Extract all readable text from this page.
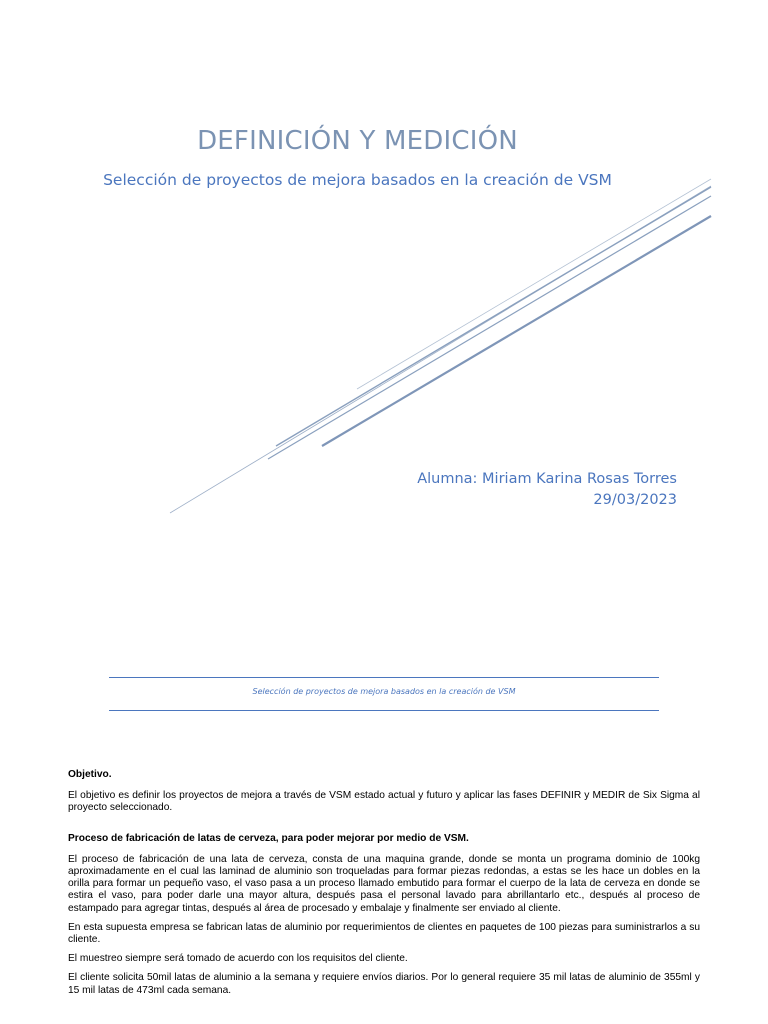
DEFINICIÓN Y MEDICIÓN
Selección de proyectos de mejora basados en la creación de VSM
Alumna: Miriam Karina Rosas Torres
29/03/2023
Selección de proyectos de mejora basados en la creación de VSM

Objetivo.

El objetivo es definir los proyectos de mejora a través de VSM estado actual y futuro y aplicar las fases DEFINIR y MEDIR de Six Sigma al proyecto seleccionado.

Proceso de fabricación de latas de cerveza, para poder mejorar por medio de VSM.

El proceso de fabricación de una lata de cerveza, consta de una maquina grande, donde se monta un programa dominio de 100kg aproximadamente en el cual las laminad de aluminio son troqueladas para formar piezas redondas, a estas se les hace un dobles en la orilla para formar un pequeño vaso, el vaso pasa a un proceso llamado embutido para formar el cuerpo de la lata de cerveza en donde se estira el vaso, para poder darle una mayor altura, después pasa el personal lavado para abrillantarlo etc., después al proceso de estampado para agregar tintas, después al área de procesado y embalaje y finalmente ser enviado al cliente.

En esta supuesta empresa se fabrican latas de aluminio por requerimientos de clientes en paquetes de 100 piezas para suministrarlos a su cliente.

El muestreo siempre será tomado de acuerdo con los requisitos del cliente.

El cliente solicita 50mil latas de aluminio a la semana y requiere envíos diarios. Por lo general requiere 35 mil latas de aluminio de 355ml y 15 mil latas de 473ml cada semana.
